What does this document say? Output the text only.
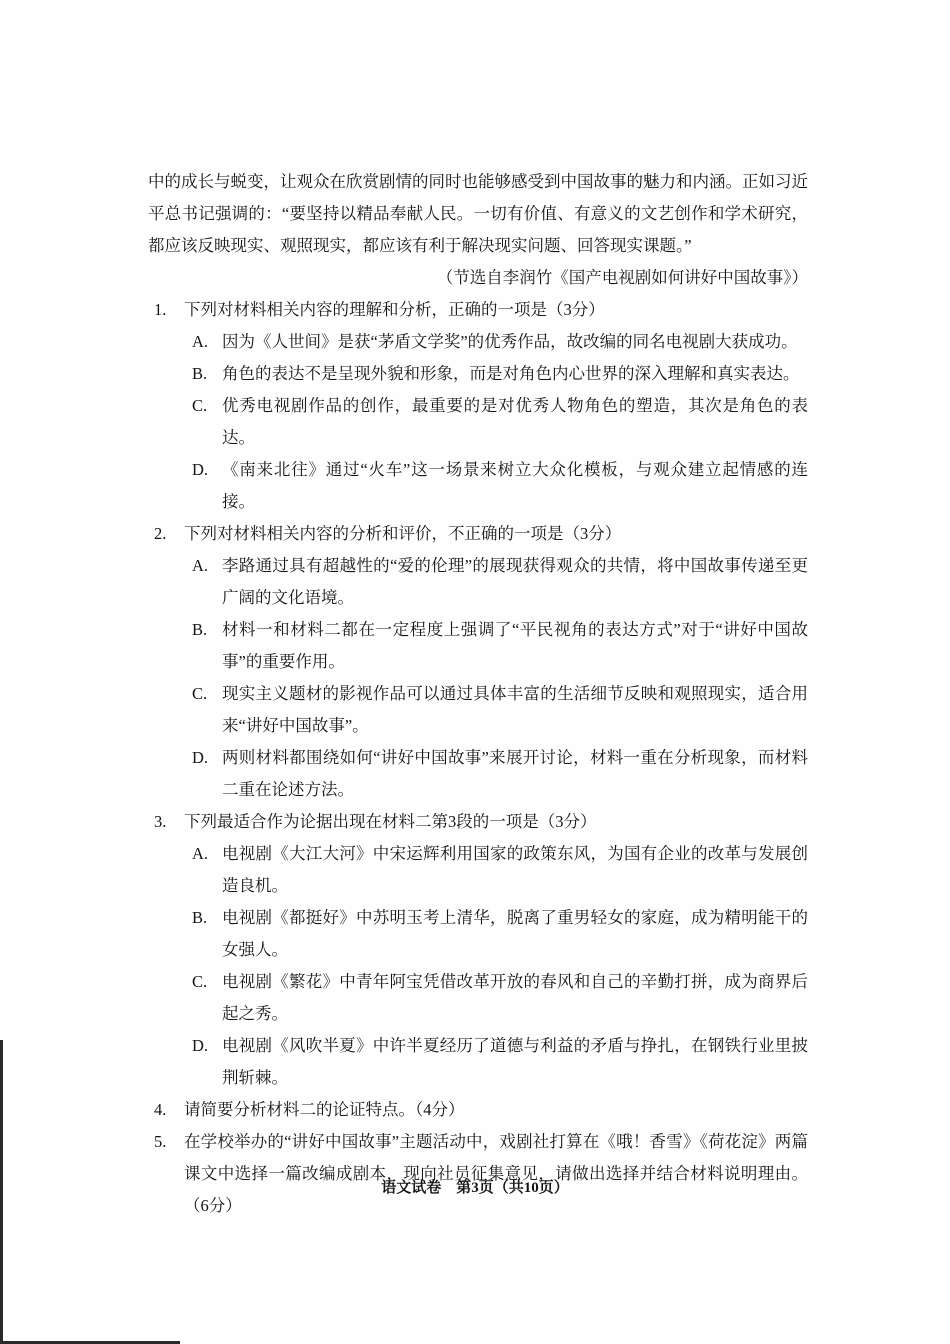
中的成长与蜕变，让观众在欣赏剧情的同时也能够感受到中国故事的魅力和内涵。正如习近平总书记强调的：“要坚持以精品奉献人民。一切有价值、有意义的文艺创作和学术研究，都应该反映现实、观照现实，都应该有利于解决现实问题、回答现实课题。”

（节选自李润竹《国产电视剧如何讲好中国故事》）

1.	下列对材料相关内容的理解和分析，正确的一项是（3分）
A. 因为《人世间》是获“茅盾文学奖”的优秀作品，故改编的同名电视剧大获成功。
B. 角色的表达不是呈现外貌和形象，而是对角色内心世界的深入理解和真实表达。
C. 优秀电视剧作品的创作，最重要的是对优秀人物角色的塑造，其次是角色的表达。
D. 《南来北往》通过“火车”这一场景来树立大众化模板，与观众建立起情感的连接。
2.	下列对材料相关内容的分析和评价，不正确的一项是（3分）
A. 李路通过具有超越性的“爱的伦理”的展现获得观众的共情，将中国故事传递至更广阔的文化语境。
B. 材料一和材料二都在一定程度上强调了“平民视角的表达方式”对于“讲好中国故事”的重要作用。
C. 现实主义题材的影视作品可以通过具体丰富的生活细节反映和观照现实，适合用来“讲好中国故事”。
D. 两则材料都围绕如何“讲好中国故事”来展开讨论，材料一重在分析现象，而材料二重在论述方法。
3.	下列最适合作为论据出现在材料二第3段的一项是（3分）
A. 电视剧《大江大河》中宋运辉利用国家的政策东风，为国有企业的改革与发展创造良机。
B. 电视剧《都挺好》中苏明玉考上清华，脱离了重男轻女的家庭，成为精明能干的女强人。
C. 电视剧《繁花》中青年阿宝凭借改革开放的春风和自己的辛勤打拼，成为商界后起之秀。
D. 电视剧《风吹半夏》中许半夏经历了道德与利益的矛盾与挣扎，在钢铁行业里披荆斩棘。
4.	请简要分析材料二的论证特点。（4分）
5.	在学校举办的“讲好中国故事”主题活动中，戏剧社打算在《哦！香雪》《荷花淀》两篇课文中选择一篇改编成剧本，现向社员征集意见，请做出选择并结合材料说明理由。（6分）
语文试卷　第3页（共10页）
